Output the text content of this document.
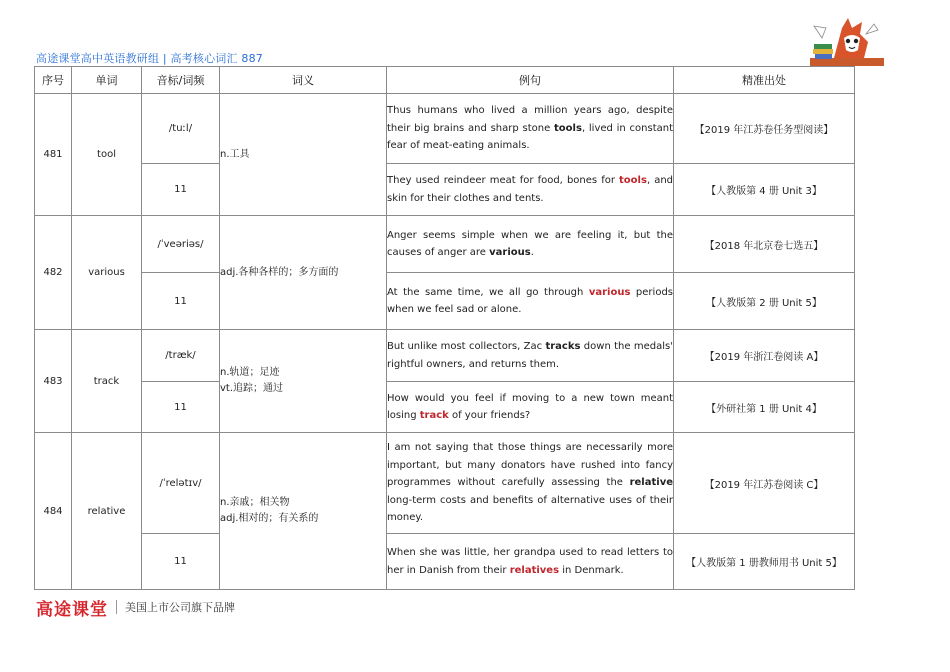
高途课堂高中英语教研组 | 高考核心词汇 887
序号	单词	音标/词频	词义	例句	精准出处
481	tool	/tuːl/	n.工具	Thus humans who lived a million years ago, despite their big brains and sharp stone tools, lived in constant fear of meat-eating animals.	【2019 年江苏卷任务型阅读】
		11		They used reindeer meat for food, bones for tools, and skin for their clothes and tents.	【人教版第 4 册 Unit 3】
482	various	/ˈveəriəs/	adj.各种各样的；多方面的	Anger seems simple when we are feeling it, but the causes of anger are various.	【2018 年北京卷七选五】
		11		At the same time, we all go through various periods when we feel sad or alone.	【人教版第 2 册 Unit 5】
483	track	/træk/	n.轨道；足迹
vt.追踪；通过	But unlike most collectors, Zac tracks down the medals' rightful owners, and returns them.	【2019 年浙江卷阅读 A】
		11		How would you feel if moving to a new town meant losing track of your friends?	【外研社第 1 册 Unit 4】
484	relative	/ˈrelətɪv/	n.亲戚；相关物
adj.相对的；有关系的	I am not saying that those things are necessarily more important, but many donators have rushed into fancy programmes without carefully assessing the relative long-term costs and benefits of alternative uses of their money.	【2019 年江苏卷阅读 C】
		11		When she was little, her grandpa used to read letters to her in Danish from their relatives in Denmark.	【人教版第 1 册教师用书 Unit 5】
高途课堂 美国上市公司旗下品牌
